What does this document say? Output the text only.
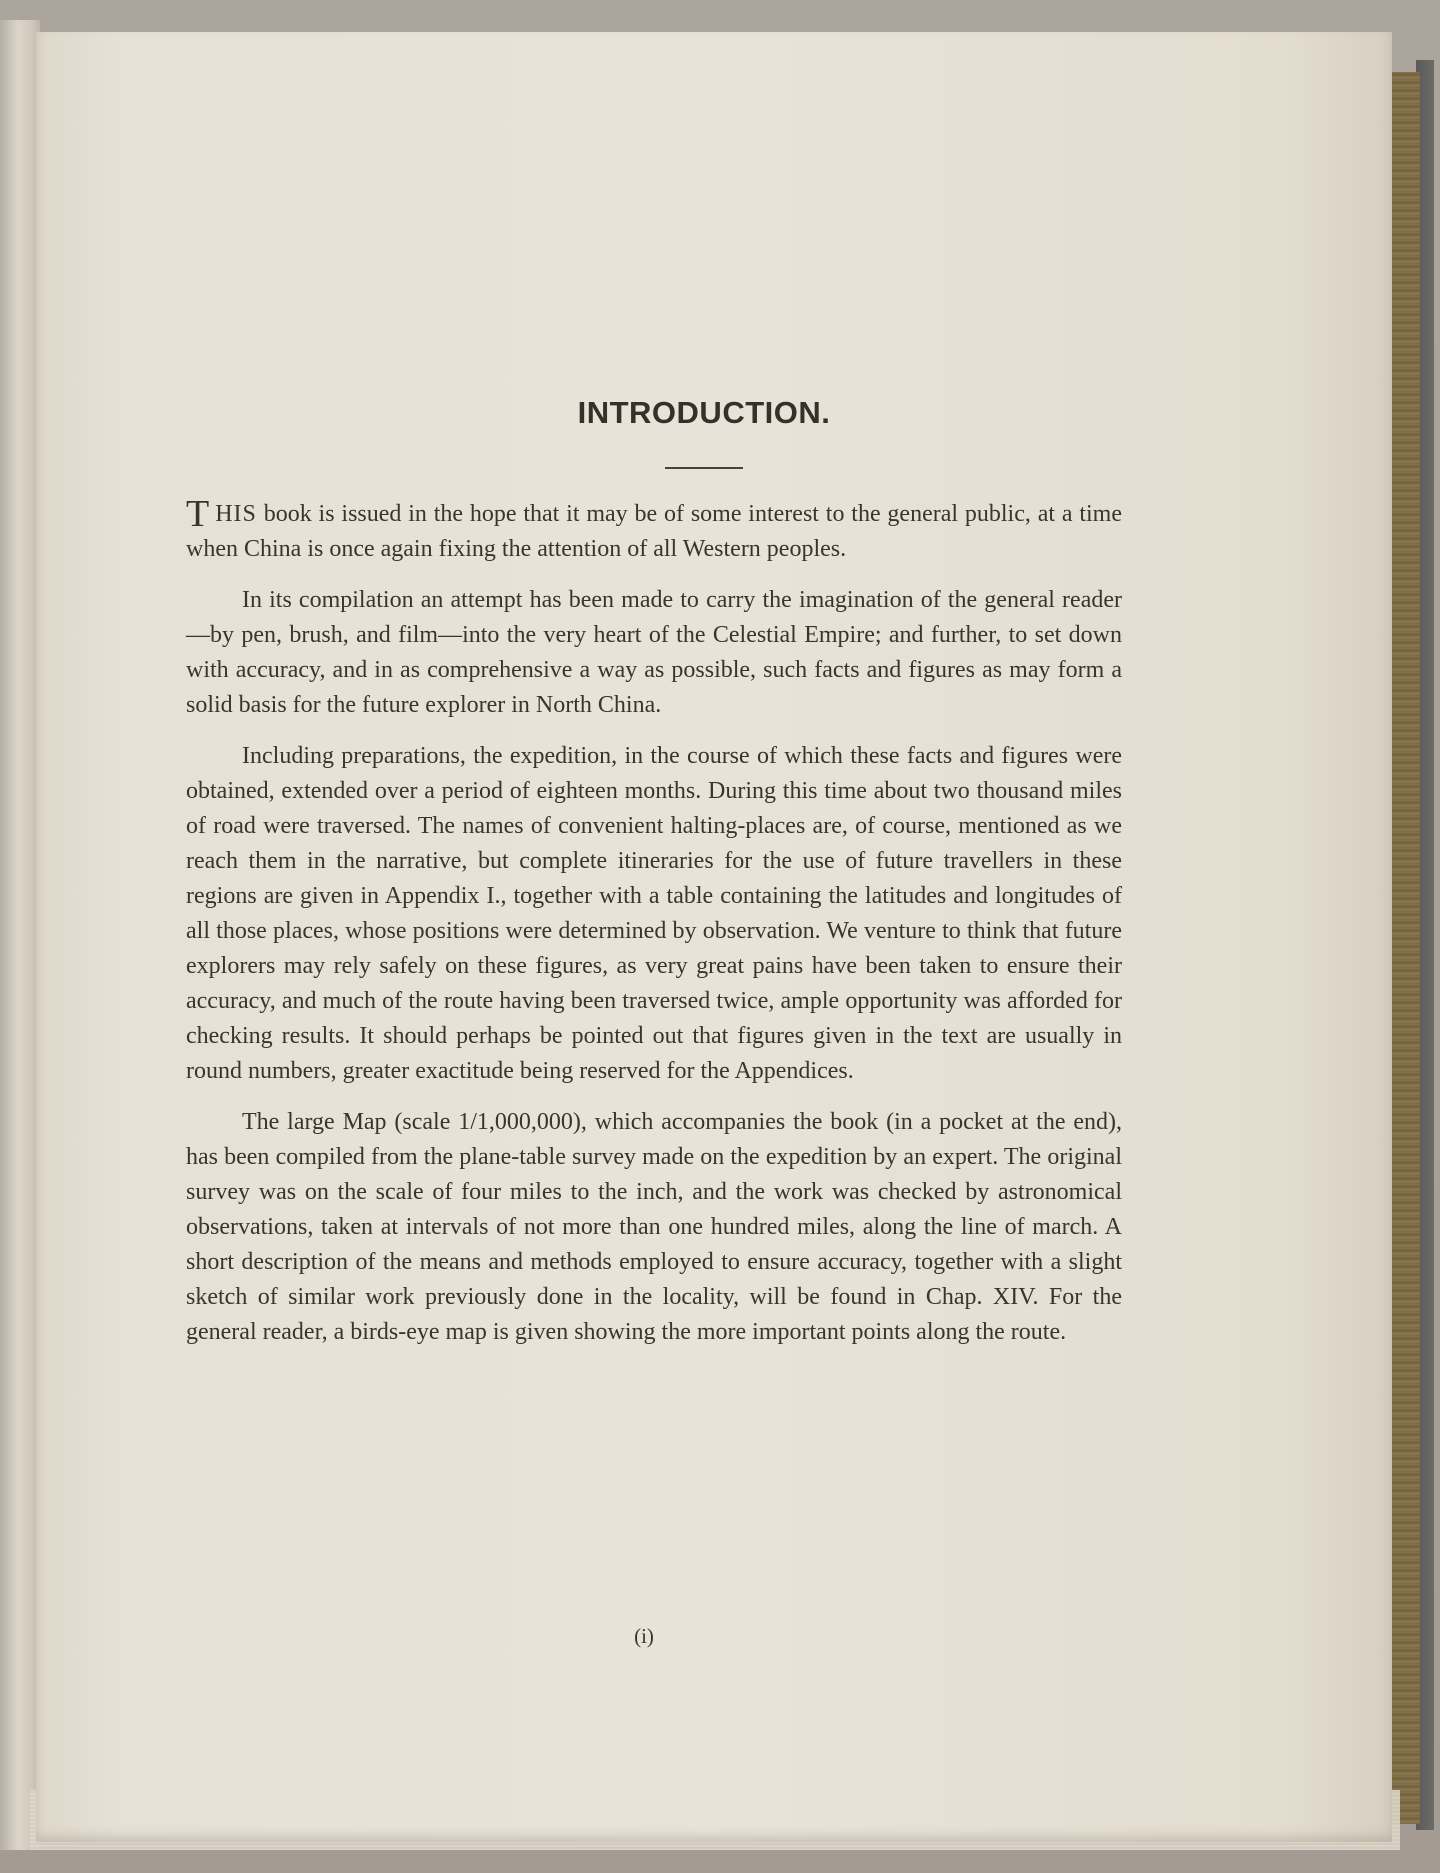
INTRODUCTION.

THIS book is issued in the hope that it may be of some interest to the general public, at a time when China is once again fixing the attention of all Western peoples.

In its compilation an attempt has been made to carry the imagination of the general reader—by pen, brush, and film—into the very heart of the Celestial Empire; and further, to set down with accuracy, and in as comprehensive a way as possible, such facts and figures as may form a solid basis for the future explorer in North China.

Including preparations, the expedition, in the course of which these facts and figures were obtained, extended over a period of eighteen months. During this time about two thousand miles of road were traversed. The names of convenient halting-places are, of course, mentioned as we reach them in the narrative, but complete itineraries for the use of future travellers in these regions are given in Appendix I., together with a table containing the latitudes and longitudes of all those places, whose positions were determined by observation. We venture to think that future explorers may rely safely on these figures, as very great pains have been taken to ensure their accuracy, and much of the route having been traversed twice, ample opportunity was afforded for checking results. It should perhaps be pointed out that figures given in the text are usually in round numbers, greater exactitude being reserved for the Appendices.

The large Map (scale 1/1,000,000), which accompanies the book (in a pocket at the end), has been compiled from the plane-table survey made on the expedition by an expert. The original survey was on the scale of four miles to the inch, and the work was checked by astronomical observations, taken at intervals of not more than one hundred miles, along the line of march. A short description of the means and methods employed to ensure accuracy, together with a slight sketch of similar work previously done in the locality, will be found in Chap. XIV. For the general reader, a birds-eye map is given showing the more important points along the route.

(i)
